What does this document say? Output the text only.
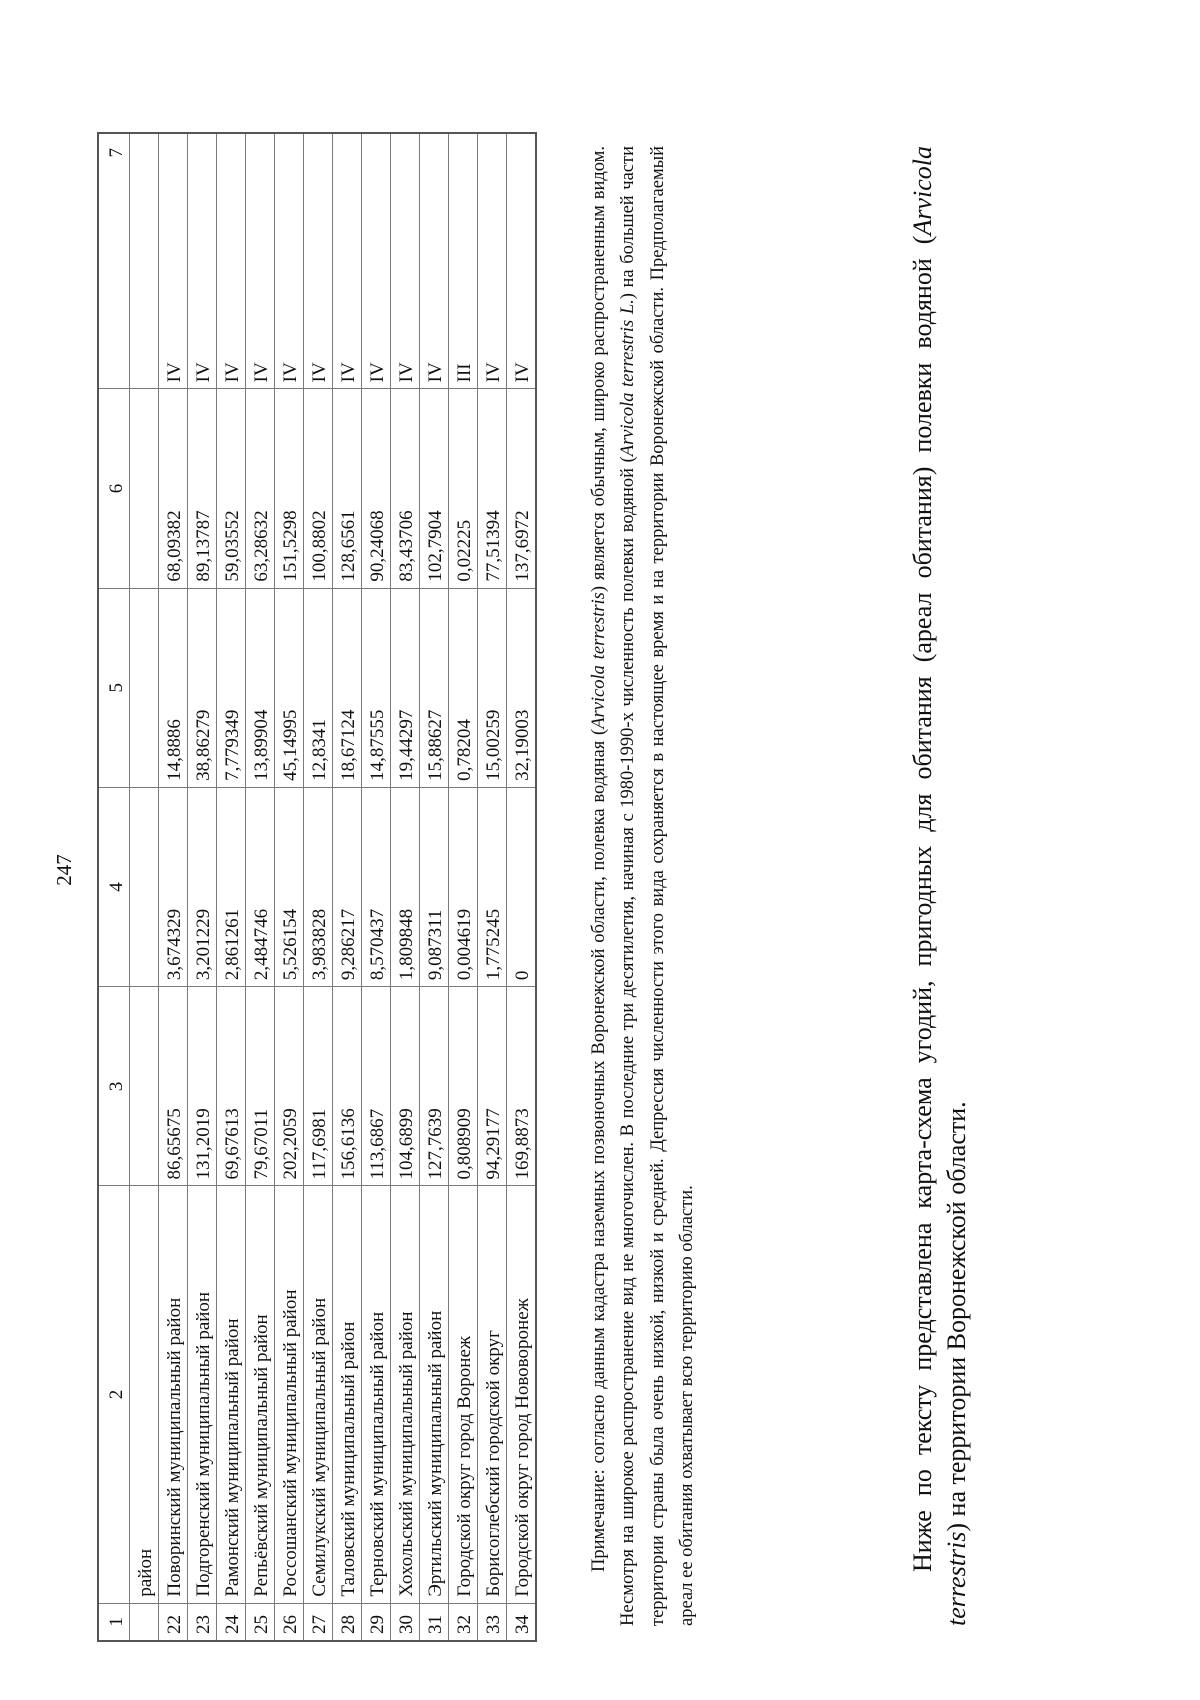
247
1	2	3	4	5	6	7
	район					
22	Поворинский муниципальный район	86,65675	3,674329	14,8886	68,09382	IV
23	Подгоренский муниципальный район	131,2019	3,201229	38,86279	89,13787	IV
24	Рамонский муниципальный район	69,67613	2,861261	7,779349	59,03552	IV
25	Репьёвский муниципальный район	79,67011	2,484746	13,89904	63,28632	IV
26	Россошанский муниципальный район	202,2059	5,526154	45,14995	151,5298	IV
27	Семилукский муниципальный район	117,6981	3,983828	12,8341	100,8802	IV
28	Таловский муниципальный район	156,6136	9,286217	18,67124	128,6561	IV
29	Терновский муниципальный район	113,6867	8,570437	14,87555	90,24068	IV
30	Хохольский муниципальный район	104,6899	1,809848	19,44297	83,43706	IV
31	Эртильский муниципальный район	127,7639	9,087311	15,88627	102,7904	IV
32	Городской округ город Воронеж	0,808909	0,004619	0,78204	0,02225	III
33	Борисоглебский городской округ	94,29177	1,775245	15,00259	77,51394	IV
34	Городской округ город Нововоронеж	169,8873	0	32,19003	137,6972	IV

Примечание: согласно данным кадастра наземных позвоночных Воронежской области, полевка водяная (Arvicola terrestris) является обычным, широко распространенным видом. Несмотря на широкое распространение вид не многочислен. В последние три десятилетия, начиная с 1980-1990-х численность полевки водяной (Arvicola terrestris L.) на большей части территории страны была очень низкой, низкой и средней. Депрессия численности этого вида сохраняется в настоящее время и на территории Воронежской области. Предполагаемый ареал ее обитания охватывает всю территорию области.	Ниже по тексту представлена карта-схема угодий, пригодных для обитания (ареал обитания) полевки водяной (Arvicola terrestris) на территории Воронежской области.
